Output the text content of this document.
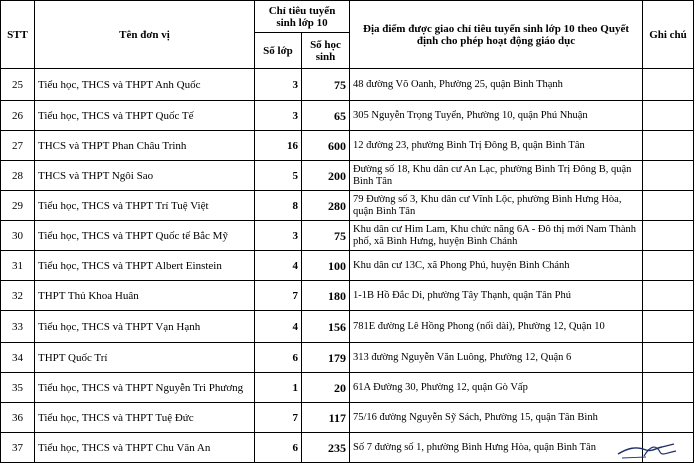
STT	Tên đơn vị	Chỉ tiêu tuyển sinh lớp 10		Địa điểm được giao chỉ tiêu tuyển sinh lớp 10 theo Quyết định cho phép hoạt động giáo dục	Ghi chú
		Số lớp	Số học sinh		
25	Tiểu học, THCS và THPT Anh Quốc	3	75	48 đường Võ Oanh, Phường 25, quận Bình Thạnh	
26	Tiểu học, THCS và THPT Quốc Tế	3	65	305 Nguyễn Trọng Tuyển, Phường 10, quận Phú Nhuận	
27	THCS và THPT Phan Châu Trinh	16	600	12 đường 23, phường Bình Trị Đông B, quận Bình Tân	
28	THCS và THPT Ngôi Sao	5	200	Đường số 18, Khu dân cư An Lạc, phường Bình Trị Đông B, quận Bình Tân	
29	Tiểu học, THCS và THPT Trí Tuệ Việt	8	280	79 Đường số 3, Khu dân cư Vĩnh Lộc, phường Bình Hưng Hòa, quận Bình Tân	
30	Tiểu học, THCS và THPT Quốc tế Bắc Mỹ	3	75	Khu dân cư Him Lam, Khu chức năng 6A - Đô thị mới Nam Thành phố, xã Bình Hưng, huyện Bình Chánh	
31	Tiểu học, THCS và THPT Albert Einstein	4	100	Khu dân cư 13C, xã Phong Phú, huyện Bình Chánh	
32	THPT Thủ Khoa Huân	7	180	1-1B Hồ Đắc Di, phường Tây Thạnh, quận Tân Phú	
33	Tiểu học, THCS và THPT Vạn Hạnh	4	156	781E đường Lê Hồng Phong (nối dài), Phường 12, Quận 10	
34	THPT Quốc Trí	6	179	313 đường Nguyễn Văn Luông, Phường 12, Quận 6	
35	Tiểu học, THCS và THPT Nguyễn Tri Phương	1	20	61A Đường 30, Phường 12, quận Gò Vấp	
36	Tiểu học, THCS và THPT Tuệ Đức	7	117	75/16 đường Nguyễn Sỹ Sách, Phường 15, quận Tân Bình	
37	Tiểu học, THCS và THPT Chu Văn An	6	235	Số 7 đường số 1, phường Bình Hưng Hòa, quận Bình Tân	
